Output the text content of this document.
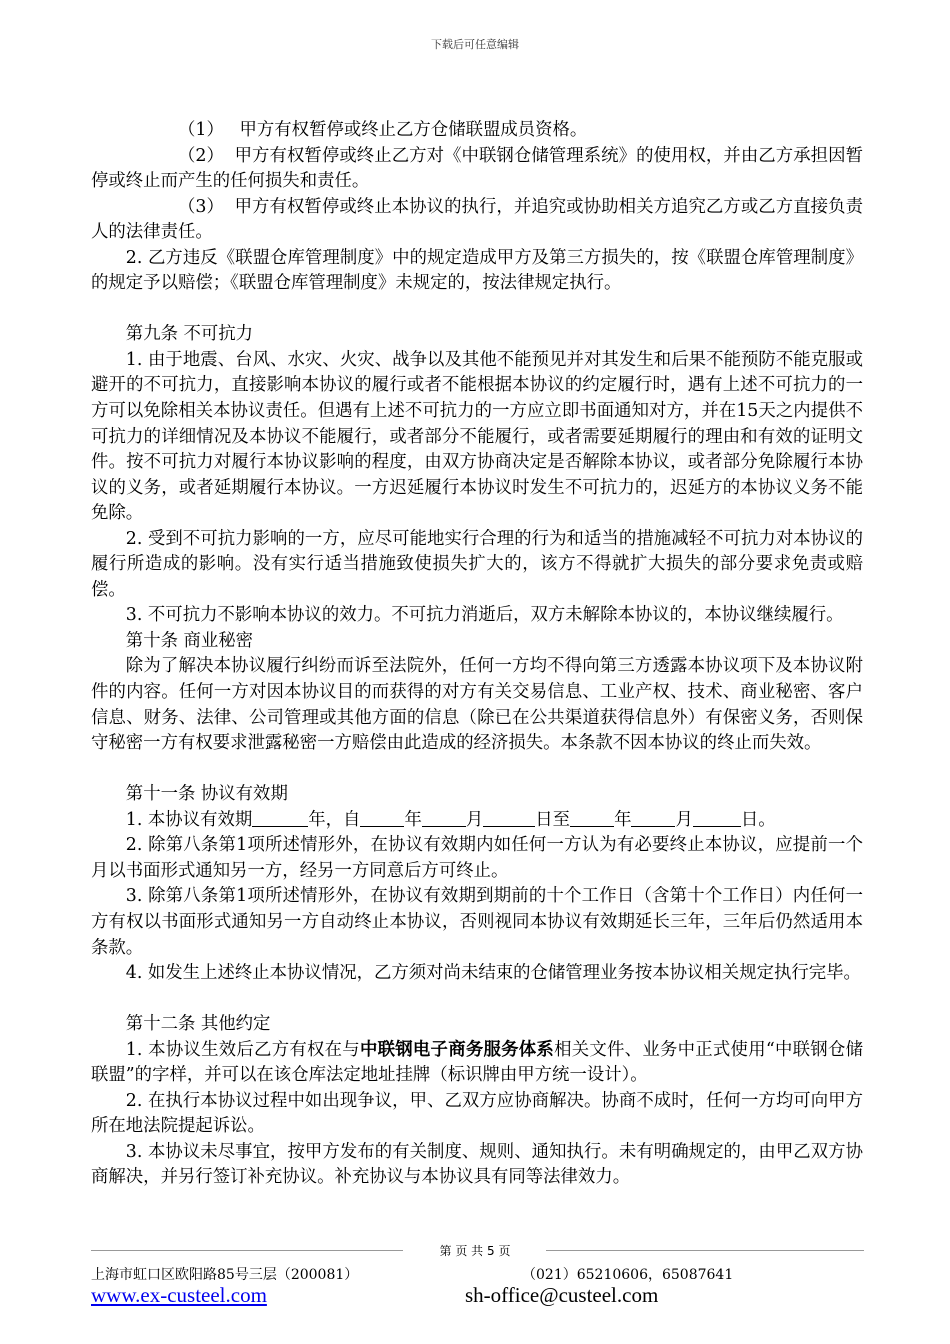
下载后可任意编辑

（1） 甲方有权暂停或终止乙方仓储联盟成员资格。

（2） 甲方有权暂停或终止乙方对《中联钢仓储管理系统》的使用权，并由乙方承担因暂停或终止而产生的任何损失和责任。

（3） 甲方有权暂停或终止本协议的执行，并追究或协助相关方追究乙方或乙方直接负责人的法律责任。

2. 乙方违反《联盟仓库管理制度》中的规定造成甲方及第三方损失的，按《联盟仓库管理制度》的规定予以赔偿；《联盟仓库管理制度》未规定的，按法律规定执行。

第九条 不可抗力

1. 由于地震、台风、水灾、火灾、战争以及其他不能预见并对其发生和后果不能预防不能克服或避开的不可抗力，直接影响本协议的履行或者不能根据本协议的约定履行时，遇有上述不可抗力的一方可以免除相关本协议责任。但遇有上述不可抗力的一方应立即书面通知对方，并在15天之内提供不可抗力的详细情况及本协议不能履行，或者部分不能履行，或者需要延期履行的理由和有效的证明文件。按不可抗力对履行本协议影响的程度，由双方协商决定是否解除本协议，或者部分免除履行本协议的义务，或者延期履行本协议。一方迟延履行本协议时发生不可抗力的，迟延方的本协议义务不能免除。

2. 受到不可抗力影响的一方，应尽可能地实行合理的行为和适当的措施减轻不可抗力对本协议的履行所造成的影响。没有实行适当措施致使损失扩大的，该方不得就扩大损失的部分要求免责或赔偿。

3. 不可抗力不影响本协议的效力。不可抗力消逝后，双方未解除本协议的，本协议继续履行。

第十条 商业秘密

除为了解决本协议履行纠纷而诉至法院外，任何一方均不得向第三方透露本协议项下及本协议附件的内容。任何一方对因本协议目的而获得的对方有关交易信息、工业产权、技术、商业秘密、客户信息、财务、法律、公司管理或其他方面的信息（除已在公共渠道获得信息外）有保密义务，否则保守秘密一方有权要求泄露秘密一方赔偿由此造成的经济损失。本条款不因本协议的终止而失效。

第十一条 协议有效期

1. 本协议有效期	年，自	年	月	日至	年	月	日。

2. 除第八条第1项所述情形外，在协议有效期内如任何一方认为有必要终止本协议，应提前一个月以书面形式通知另一方，经另一方同意后方可终止。

3. 除第八条第1项所述情形外，在协议有效期到期前的十个工作日（含第十个工作日）内任何一方有权以书面形式通知另一方自动终止本协议，否则视同本协议有效期延长三年，三年后仍然适用本条款。

4. 如发生上述终止本协议情况，乙方须对尚未结束的仓储管理业务按本协议相关规定执行完毕。

第十二条 其他约定

1. 本协议生效后乙方有权在与中联钢电子商务服务体系相关文件、业务中正式使用“中联钢仓储联盟”的字样，并可以在该仓库法定地址挂牌（标识牌由甲方统一设计）。

2. 在执行本协议过程中如出现争议，甲、乙双方应协商解决。协商不成时，任何一方均可向甲方所在地法院提起诉讼。

3. 本协议未尽事宜，按甲方发布的有关制度、规则、通知执行。未有明确规定的，由甲乙双方协商解决，并另行签订补充协议。补充协议与本协议具有同等法律效力。

第 页 共 5 页
上海市虹口区欧阳路85号三层（200081）	（021）65210606，65087641
www.ex-custeel.com	sh-office@custeel.com
